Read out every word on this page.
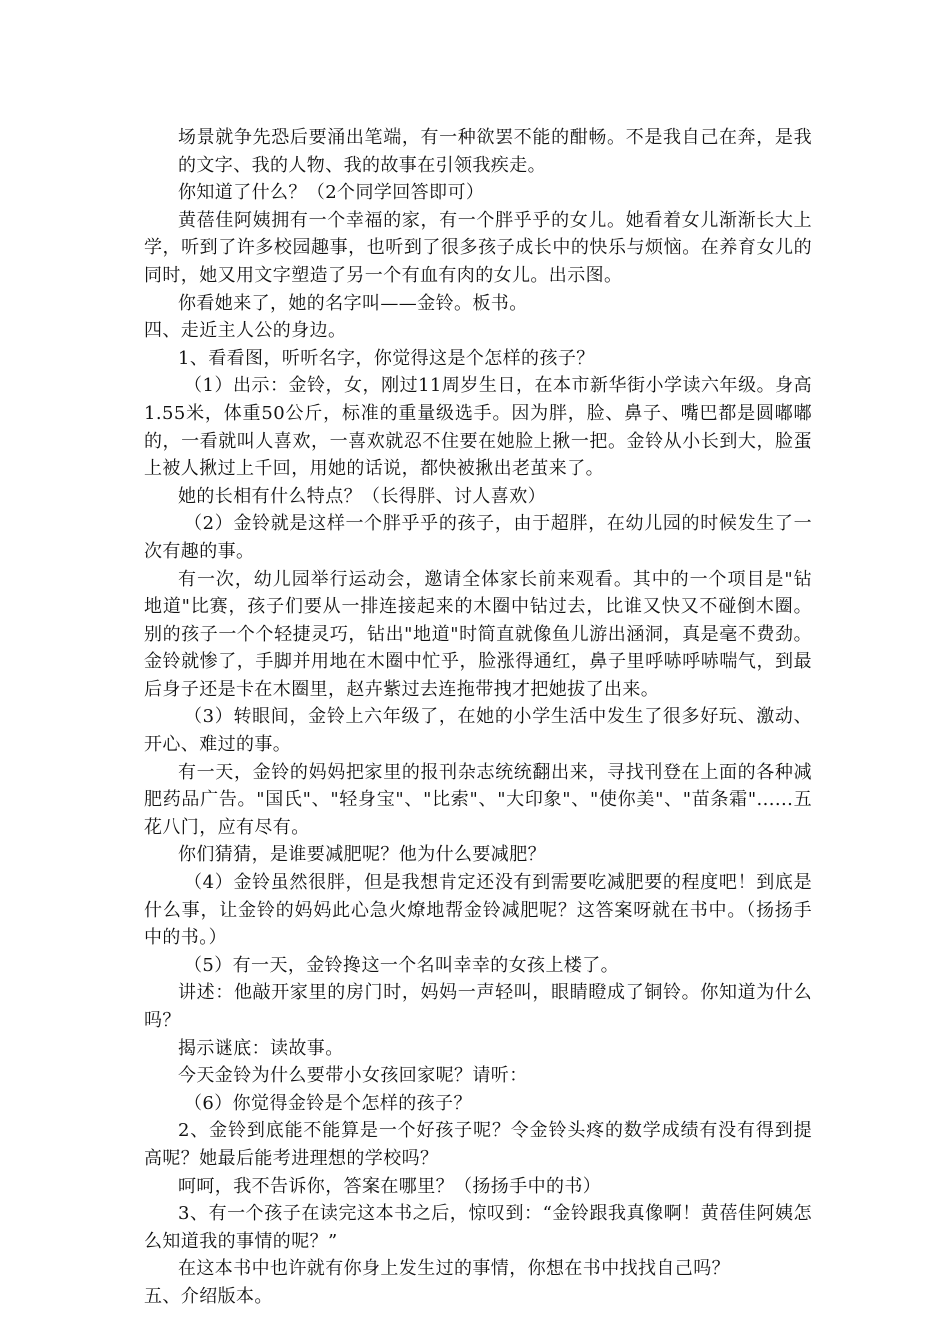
场景就争先恐后要涌出笔端，有一种欲罢不能的酣畅。不是我自己在奔，是我的文字、我的人物、我的故事在引领我疾走。

你知道了什么？（2个同学回答即可）

黄蓓佳阿姨拥有一个幸福的家，有一个胖乎乎的女儿。她看着女儿渐渐长大上学，听到了许多校园趣事，也听到了很多孩子成长中的快乐与烦恼。在养育女儿的同时，她又用文字塑造了另一个有血有肉的女儿。出示图。

你看她来了，她的名字叫——金铃。板书。

四、走近主人公的身边。

1、看看图，听听名字，你觉得这是个怎样的孩子？

（1）出示：金铃，女，刚过11周岁生日，在本市新华街小学读六年级。身高1.55米，体重50公斤，标准的重量级选手。因为胖，脸、鼻子、嘴巴都是圆嘟嘟的，一看就叫人喜欢，一喜欢就忍不住要在她脸上揪一把。金铃从小长到大，脸蛋上被人揪过上千回，用她的话说，都快被揪出老茧来了。

她的长相有什么特点？（长得胖、讨人喜欢）

（2）金铃就是这样一个胖乎乎的孩子，由于超胖，在幼儿园的时候发生了一次有趣的事。

有一次，幼儿园举行运动会，邀请全体家长前来观看。其中的一个项目是"钻地道"比赛，孩子们要从一排连接起来的木圈中钻过去，比谁又快又不碰倒木圈。别的孩子一个个轻捷灵巧，钻出"地道"时简直就像鱼儿游出涵洞，真是毫不费劲。金铃就惨了，手脚并用地在木圈中忙乎，脸涨得通红，鼻子里呼哧呼哧喘气，到最后身子还是卡在木圈里，赵卉紫过去连拖带拽才把她拔了出来。

（3）转眼间，金铃上六年级了，在她的小学生活中发生了很多好玩、激动、开心、难过的事。

有一天，金铃的妈妈把家里的报刊杂志统统翻出来，寻找刊登在上面的各种减肥药品广告。"国氏"、"轻身宝"、"比索"、"大印象"、"使你美"、"苗条霜"......五花八门，应有尽有。

你们猜猜，是谁要减肥呢？他为什么要减肥？

（4）金铃虽然很胖，但是我想肯定还没有到需要吃减肥要的程度吧！到底是什么事，让金铃的妈妈此心急火燎地帮金铃减肥呢？这答案呀就在书中。（扬扬手中的书。）

（5）有一天，金铃搀这一个名叫幸幸的女孩上楼了。

讲述：他敲开家里的房门时，妈妈一声轻叫，眼睛瞪成了铜铃。你知道为什么吗？

揭示谜底：读故事。

今天金铃为什么要带小女孩回家呢？请听：

（6）你觉得金铃是个怎样的孩子？

2、金铃到底能不能算是一个好孩子呢？令金铃头疼的数学成绩有没有得到提高呢？她最后能考进理想的学校吗？

呵呵，我不告诉你，答案在哪里？（扬扬手中的书）

3、有一个孩子在读完这本书之后，惊叹到：“金铃跟我真像啊！黄蓓佳阿姨怎么知道我的事情的呢？”

在这本书中也许就有你身上发生过的事情，你想在书中找找自己吗？

五、介绍版本。
